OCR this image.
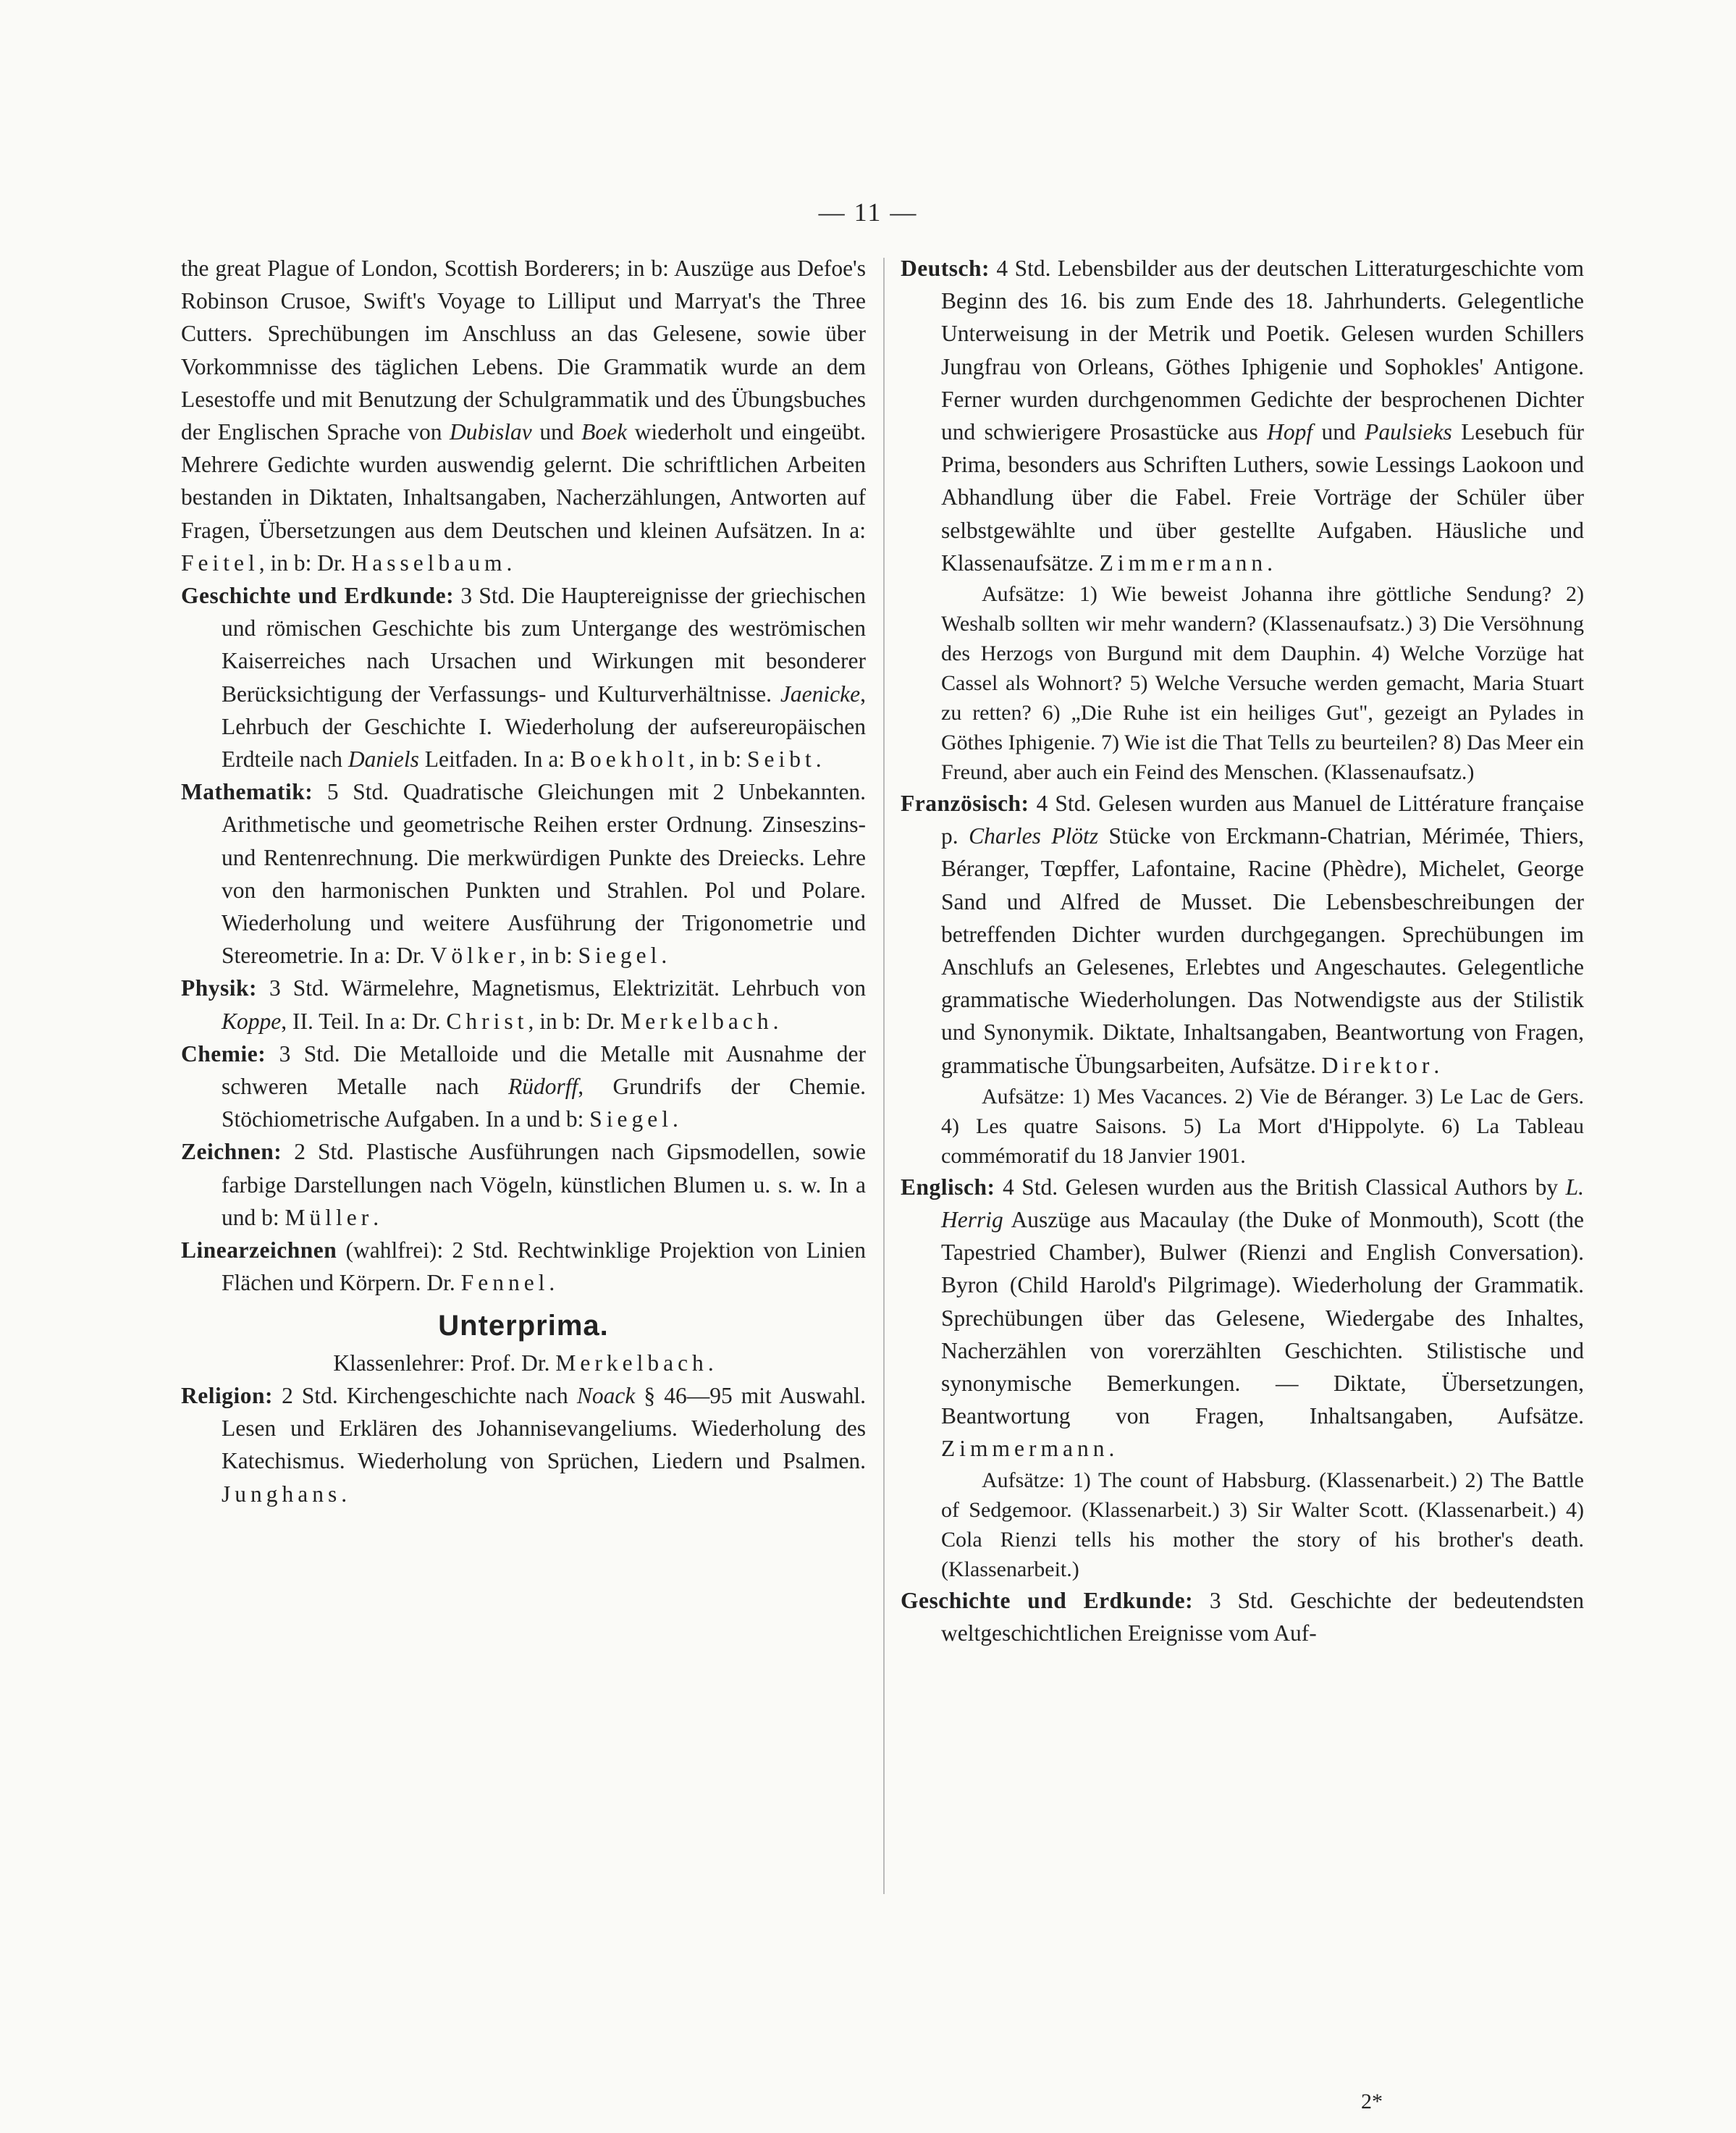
— 11 —

the great Plague of London, Scottish Borderers; in b: Auszüge aus Defoe's Robinson Crusoe, Swift's Voyage to Lilliput und Marryat's the Three Cutters. Sprechübungen im Anschluss an das Gelesene, sowie über Vorkommnisse des täglichen Lebens. Die Grammatik wurde an dem Lesestoffe und mit Benutzung der Schulgrammatik und des Übungsbuches der Englischen Sprache von Dubislav und Boek wiederholt und eingeübt. Mehrere Gedichte wurden auswendig gelernt. Die schriftlichen Arbeiten bestanden in Diktaten, Inhaltsangaben, Nacherzählungen, Antworten auf Fragen, Übersetzungen aus dem Deutschen und kleinen Aufsätzen. In a: Feitel, in b: Dr. Hasselbaum.

Geschichte und Erdkunde: 3 Std. Die Hauptereignisse der griechischen und römischen Geschichte bis zum Untergange des weströmischen Kaiserreiches nach Ursachen und Wirkungen mit besonderer Berücksichtigung der Verfassungs- und Kulturverhältnisse. Jaenicke, Lehrbuch der Geschichte I. Wiederholung der aufsereuropäischen Erdteile nach Daniels Leitfaden. In a: Boekholt, in b: Seibt.

Mathematik: 5 Std. Quadratische Gleichungen mit 2 Unbekannten. Arithmetische und geometrische Reihen erster Ordnung. Zinseszins- und Rentenrechnung. Die merkwürdigen Punkte des Dreiecks. Lehre von den harmonischen Punkten und Strahlen. Pol und Polare. Wiederholung und weitere Ausführung der Trigonometrie und Stereometrie. In a: Dr. Völker, in b: Siegel.

Physik: 3 Std. Wärmelehre, Magnetismus, Elektrizität. Lehrbuch von Koppe, II. Teil. In a: Dr. Christ, in b: Dr. Merkelbach.

Chemie: 3 Std. Die Metalloide und die Metalle mit Ausnahme der schweren Metalle nach Rüdorff, Grundrifs der Chemie. Stöchiometrische Aufgaben. In a und b: Siegel.

Zeichnen: 2 Std. Plastische Ausführungen nach Gipsmodellen, sowie farbige Darstellungen nach Vögeln, künstlichen Blumen u. s. w. In a und b: Müller.

Linearzeichnen (wahlfrei): 2 Std. Rechtwinklige Projektion von Linien Flächen und Körpern. Dr. Fennel.

Unterprima.

Klassenlehrer: Prof. Dr. Merkelbach.

Religion: 2 Std. Kirchengeschichte nach Noack § 46—95 mit Auswahl. Lesen und Erklären des Johannisevangeliums. Wiederholung des Katechismus. Wiederholung von Sprüchen, Liedern und Psalmen. Junghans.

Deutsch: 4 Std. Lebensbilder aus der deutschen Litteraturgeschichte vom Beginn des 16. bis zum Ende des 18. Jahrhunderts. Gelegentliche Unterweisung in der Metrik und Poetik. Gelesen wurden Schillers Jungfrau von Orleans, Göthes Iphigenie und Sophokles' Antigone. Ferner wurden durchgenommen Gedichte der besprochenen Dichter und schwierigere Prosastücke aus Hopf und Paulsieks Lesebuch für Prima, besonders aus Schriften Luthers, sowie Lessings Laokoon und Abhandlung über die Fabel. Freie Vorträge der Schüler über selbstgewählte und über gestellte Aufgaben. Häusliche und Klassenaufsätze. Zimmermann.

Aufsätze: 1) Wie beweist Johanna ihre göttliche Sendung? 2) Weshalb sollten wir mehr wandern? (Klassenaufsatz.) 3) Die Versöhnung des Herzogs von Burgund mit dem Dauphin. 4) Welche Vorzüge hat Cassel als Wohnort? 5) Welche Versuche werden gemacht, Maria Stuart zu retten? 6) „Die Ruhe ist ein heiliges Gut", gezeigt an Pylades in Göthes Iphigenie. 7) Wie ist die That Tells zu beurteilen? 8) Das Meer ein Freund, aber auch ein Feind des Menschen. (Klassenaufsatz.)

Französisch: 4 Std. Gelesen wurden aus Manuel de Littérature française p. Charles Plötz Stücke von Erckmann-Chatrian, Mérimée, Thiers, Béranger, Tœpffer, Lafontaine, Racine (Phèdre), Michelet, George Sand und Alfred de Musset. Die Lebensbeschreibungen der betreffenden Dichter wurden durchgegangen. Sprechübungen im Anschlufs an Gelesenes, Erlebtes und Angeschautes. Gelegentliche grammatische Wiederholungen. Das Notwendigste aus der Stilistik und Synonymik. Diktate, Inhaltsangaben, Beantwortung von Fragen, grammatische Übungsarbeiten, Aufsätze. Direktor.

Aufsätze: 1) Mes Vacances. 2) Vie de Béranger. 3) Le Lac de Gers. 4) Les quatre Saisons. 5) La Mort d'Hippolyte. 6) La Tableau commémoratif du 18 Janvier 1901.

Englisch: 4 Std. Gelesen wurden aus the British Classical Authors by L. Herrig Auszüge aus Macaulay (the Duke of Monmouth), Scott (the Tapestried Chamber), Bulwer (Rienzi and English Conversation). Byron (Child Harold's Pilgrimage). Wiederholung der Grammatik. Sprechübungen über das Gelesene, Wiedergabe des Inhaltes, Nacherzählen von vorerzählten Geschichten. Stilistische und synonymische Bemerkungen. — Diktate, Übersetzungen, Beantwortung von Fragen, Inhaltsangaben, Aufsätze. Zimmermann.

Aufsätze: 1) The count of Habsburg. (Klassenarbeit.) 2) The Battle of Sedgemoor. (Klassenarbeit.) 3) Sir Walter Scott. (Klassenarbeit.) 4) Cola Rienzi tells his mother the story of his brother's death. (Klassenarbeit.)

Geschichte und Erdkunde: 3 Std. Geschichte der bedeutendsten weltgeschichtlichen Ereignisse vom Auf-

2*
